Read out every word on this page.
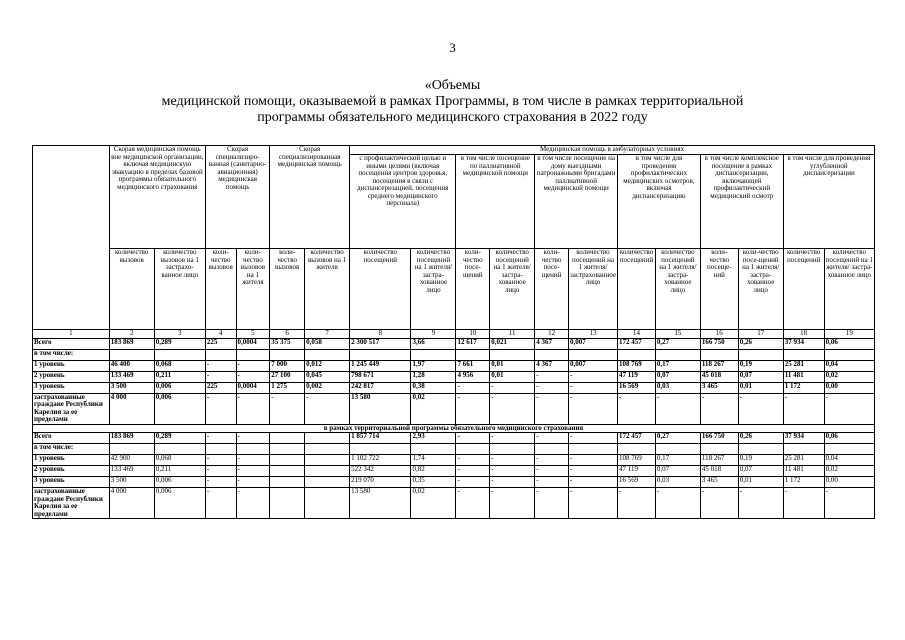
3
«Объемы
медицинской помощи, оказываемой в рамках Программы, в том числе в рамках территориальной
программы обязательного медицинского страхования в 2022 году
	Скорая медицинская помощь вне медицинской организации, включая медицинскую эвакуацию в пределах базовой программы обязательного медицинского страхования		Скорая специализиро-ванная (санитарно-авиационная) медицинская помощь		Скорая специализированная медицинская помощь		Медицинская помощь в амбулаторных условиях											
							с профилактической целью и иными целями (включая посещения центров здоровья, посещения в связи с диспансеризацией, посещения среднего медицинского персонала)		в том числе посещение по паллиативной медицинской помощи		в том числе посещение на дому выездными патронажными бригадами паллиативной медицинской помощи		в том числе для проведения профилактических медицинских осмотров, включая диспансеризацию		в том числе комплексное посещение в рамках диспансеризации, включающей профилактический медицинский осмотр		в том числе для проведения углубленной диспансеризации	
	количество вызовов	количество вызовов на 1 застрахо-ванное лицо	коли-чество вызовов	коли-чество вызовов на 1 жителя	коли-чество вызовов	количество вызовов на 1 жителя	количество посещений	количество посещений на 1 жителя/ застра-хованное лицо	коли-чество посе-щений	количество посещений на 1 жителя/ застра-хованное лицо	коли-чество посе-щений	количество посещений на 1 жителя/ застрахованное лицо	количество посещений	количество посещений на 1 жителя/ застра-хованное лицо	коли-чество посеще-ний	коли-чество посе-щений на 1 жителя/ застра-хованное лицо	количество посещений	количество посещений на 1 жителя/ застра-хованное лицо
1	2	3	4	5	6	7	8	9	10	11	12	13	14	15	16	17	18	19
Всего	183 869	0,289	225	0,0004	35 375	0,058	2 300 517	3,66	12 617	0,021	4 367	0,007	172 457	0,27	166 750	0,26	37 934	0,06
в том числе:																		
1 уровень	46 400	0,068	-	-	7 000	0,012	1 245 449	1,97	7 661	0,01	4 367	0,007	108 769	0,17	118 267	0,19	25 281	0,04
2 уровень	133 469	0,211	-	-	27 100	0,045	798 671	1,28	4 956	0,01	-	-	47 119	0,07	45 018	0,07	11 481	0,02
3 уровень	3 500	0,006	225	0,0004	1 275	0,002	242 817	0,38	-	-	-	-	16 569	0,03	3 465	0,01	1 172	0,00
застрахованные граждане Республики Карелия за ее пределами	4 000	0,006	-	-	-	-	13 580	0,02	-	-	-	-	-	-	-	-	-	-
в рамках территориальной программы обязательного медицинского страхования																		
Всего	183 869	0,289	-	-			1 857 714	2,93	-	-	-	-	172 457	0,27	166 750	0,26	37 934	0,06
в том числе:																		
1 уровень	42 900	0,068	-	-			1 102 722	1,74	-	-	-	-	108 769	0,17	118 267	0,19	25 281	0,04
2 уровень	133 469	0,211	-	-			522 342	0,82	-	-	-	-	47 119	0,07	45 018	0,07	11 481	0,02
3 уровень	3 500	0,006	-	-			219 070	0,35	-	-	-	-	16 569	0,03	3 465	0,01	1 172	0,00
застрахованные граждане Республики Карелия за ее пределами	4 000	0,006	-	-			13 580	0,02	-	-	-	-	-	-	-	-	-	-
